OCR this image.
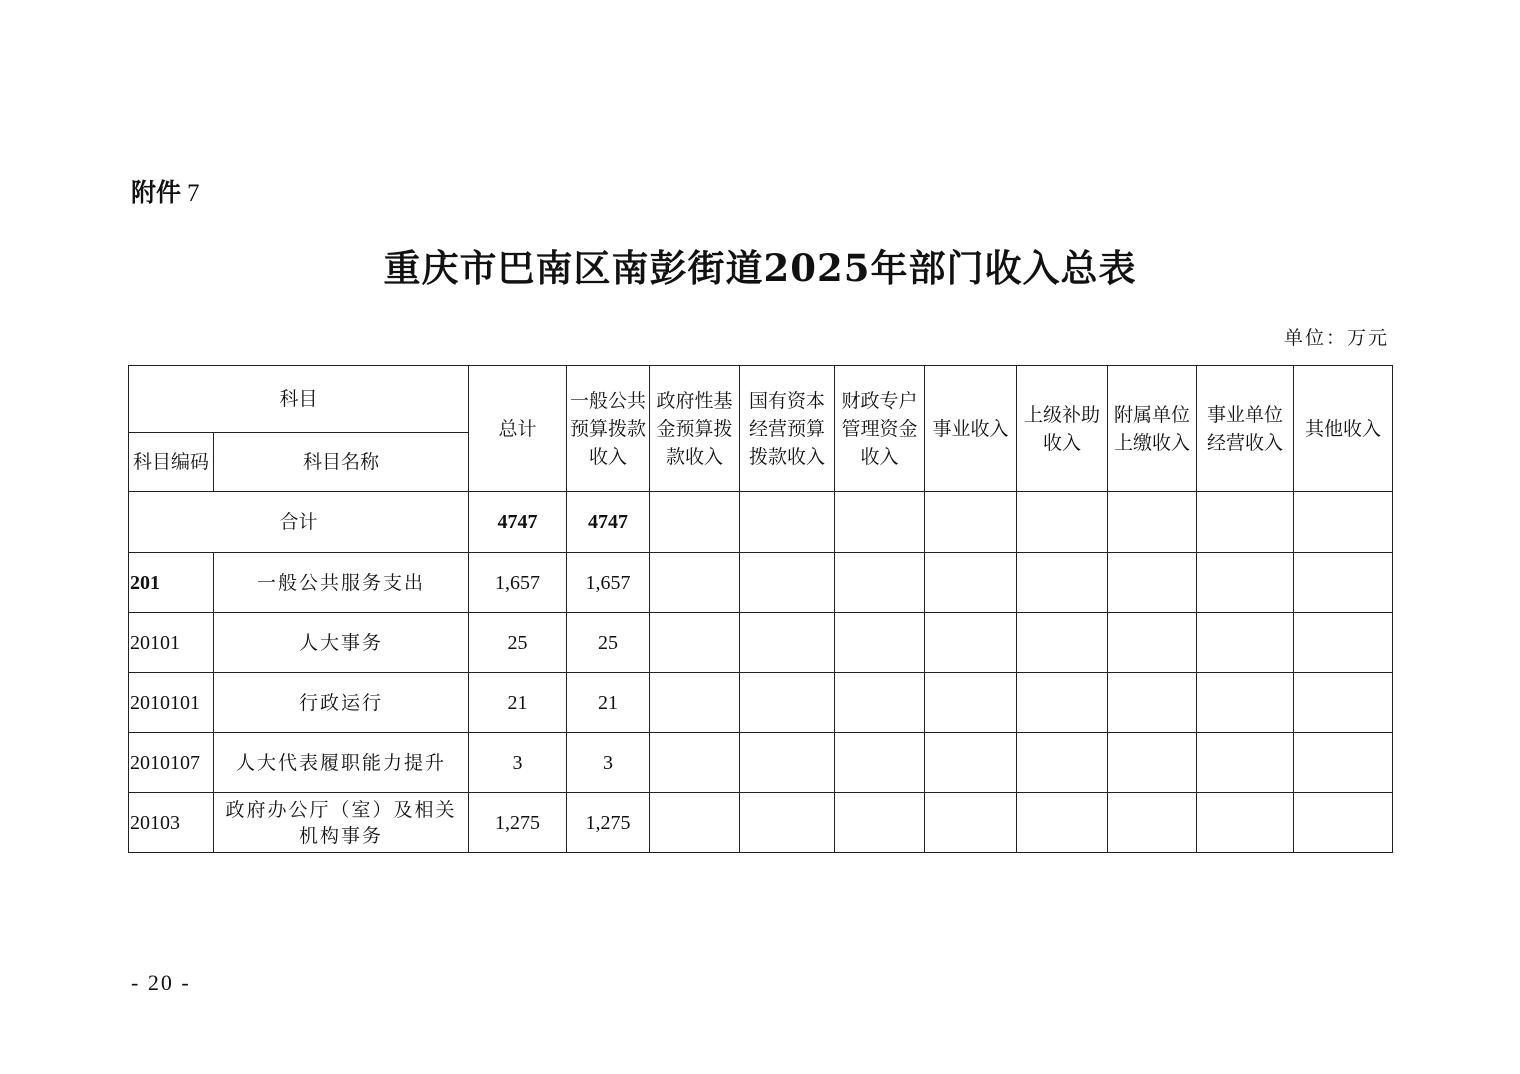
附件 7
重庆市巴南区南彭街道2025年部门收入总表
单位：万元
科目		总计	一般公共预算拨款收入	政府性基金预算拨款收入	国有资本经营预算拨款收入	财政专户管理资金收入	事业收入	上级补助收入	附属单位上缴收入	事业单位经营收入	其他收入
科目编码	科目名称										
合计		4747	4747								
201	一般公共服务支出	1,657	1,657								
20101	人大事务	25	25								
2010101	行政运行	21	21								
2010107	人大代表履职能力提升	3	3								
20103	政府办公厅（室）及相关机构事务	1,275	1,275								
- 20 -
